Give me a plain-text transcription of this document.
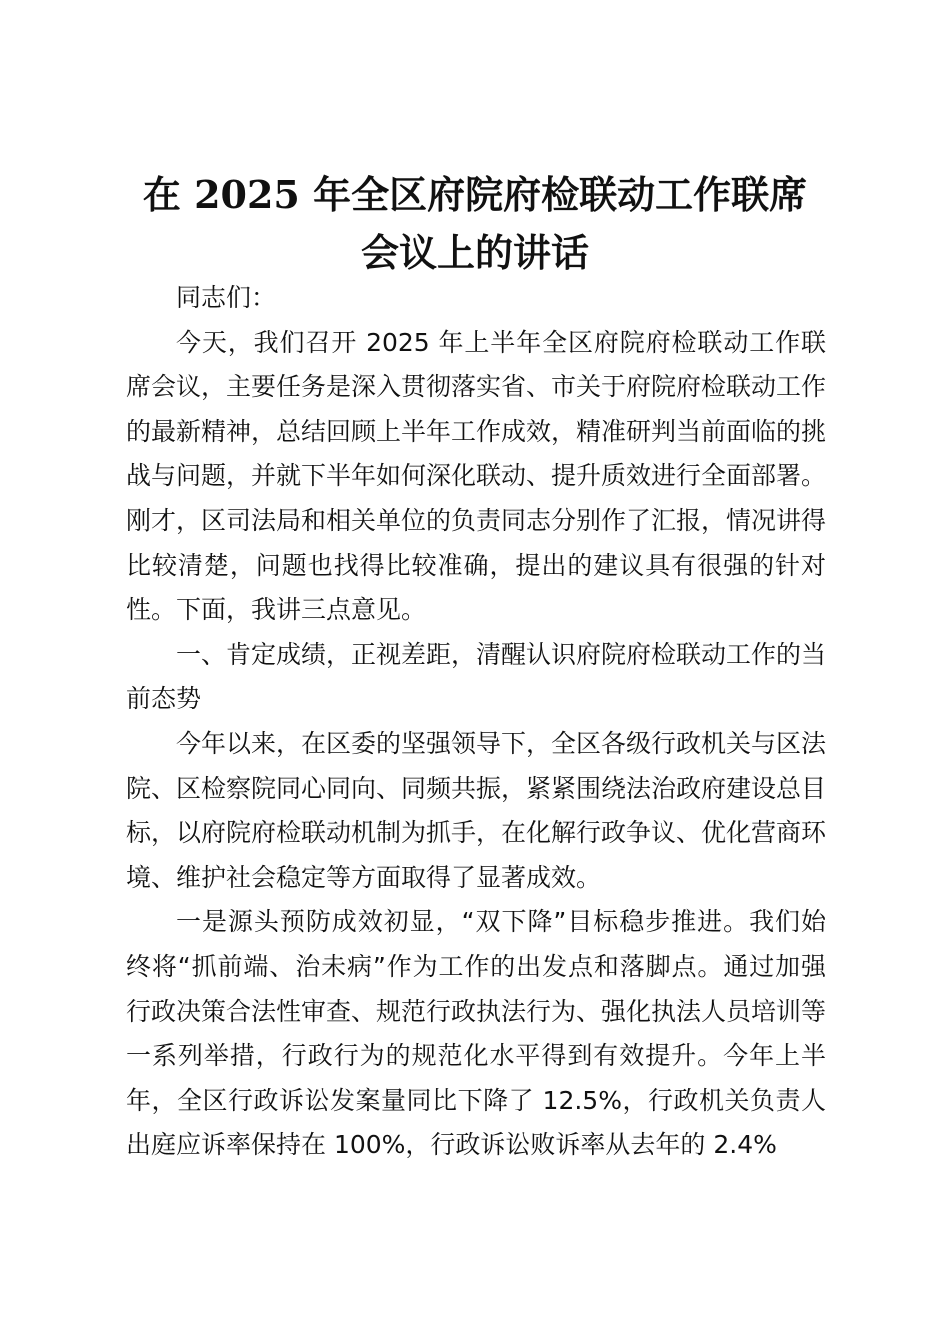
在 2025 年全区府院府检联动工作联席
会议上的讲话

同志们：

今天，我们召开 2025 年上半年全区府院府检联动工作联席会议，主要任务是深入贯彻落实省、市关于府院府检联动工作的最新精神，总结回顾上半年工作成效，精准研判当前面临的挑战与问题，并就下半年如何深化联动、提升质效进行全面部署。刚才，区司法局和相关单位的负责同志分别作了汇报，情况讲得比较清楚，问题也找得比较准确，提出的建议具有很强的针对性。下面，我讲三点意见。

一、肯定成绩，正视差距，清醒认识府院府检联动工作的当前态势

今年以来，在区委的坚强领导下，全区各级行政机关与区法院、区检察院同心同向、同频共振，紧紧围绕法治政府建设总目标，以府院府检联动机制为抓手，在化解行政争议、优化营商环境、维护社会稳定等方面取得了显著成效。

一是源头预防成效初显，“双下降”目标稳步推进。我们始终将“抓前端、治未病”作为工作的出发点和落脚点。通过加强行政决策合法性审查、规范行政执法行为、强化执法人员培训等一系列举措，行政行为的规范化水平得到有效提升。今年上半年，全区行政诉讼发案量同比下降了 12.5%，行政机关负责人出庭应诉率保持在 100%，行政诉讼败诉率从去年的 2.4%
